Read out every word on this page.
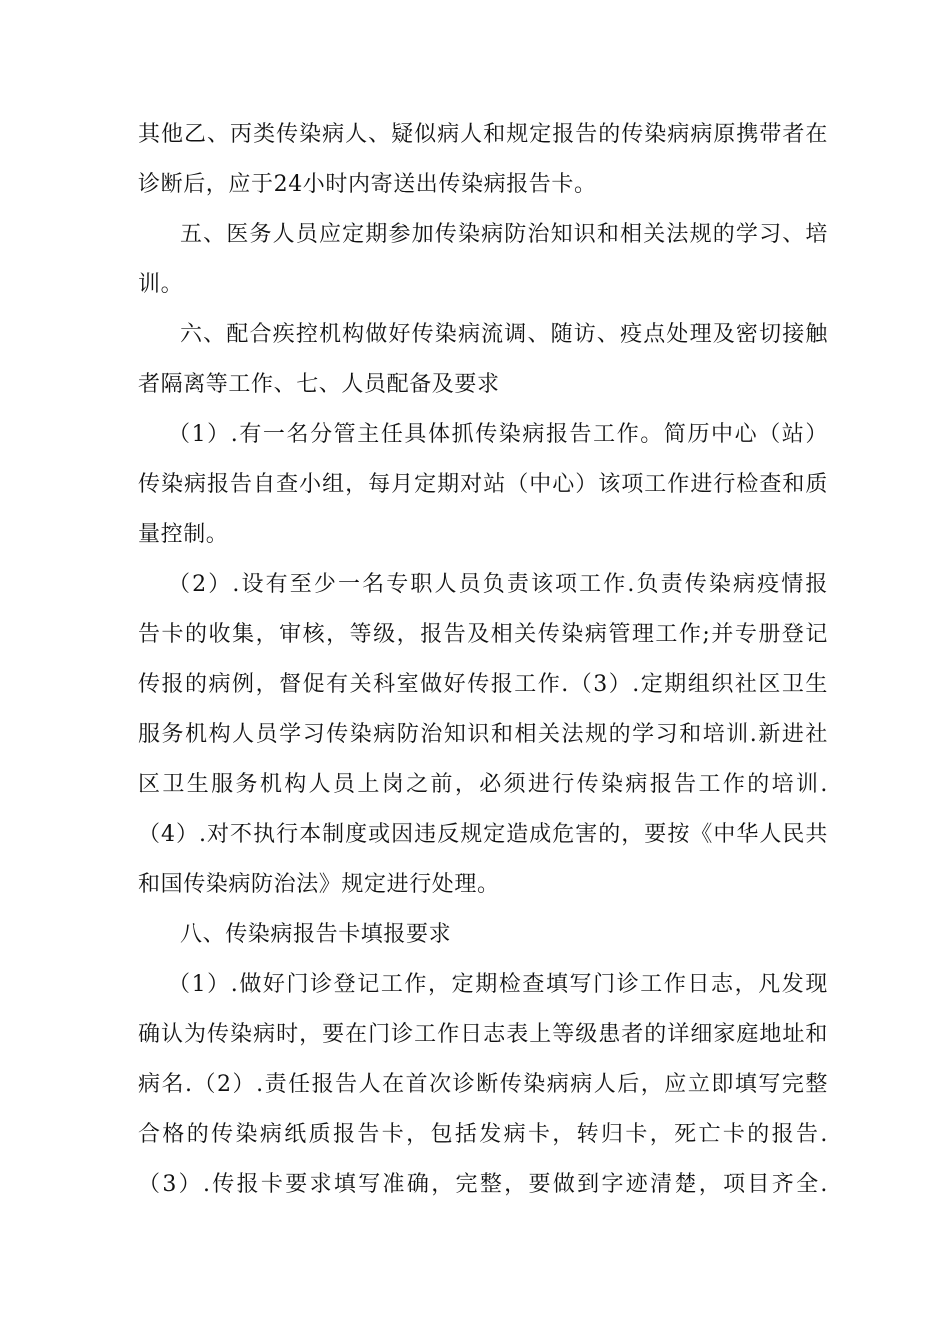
其他乙、丙类传染病人、疑似病人和规定报告的传染病病原携带者在
诊断后，应于24小时内寄送出传染病报告卡。
五、医务人员应定期参加传染病防治知识和相关法规的学习、培
训。
六、配合疾控机构做好传染病流调、随访、疫点处理及密切接触
者隔离等工作、七、人员配备及要求
（1）.有一名分管主任具体抓传染病报告工作。简历中心（站）
传染病报告自查小组，每月定期对站（中心）该项工作进行检查和质
量控制。
（2）.设有至少一名专职人员负责该项工作.负责传染病疫情报
告卡的收集，审核，等级，报告及相关传染病管理工作;并专册登记
传报的病例，督促有关科室做好传报工作.（3）.定期组织社区卫生
服务机构人员学习传染病防治知识和相关法规的学习和培训.新进社
区卫生服务机构人员上岗之前，必须进行传染病报告工作的培训.
（4）.对不执行本制度或因违反规定造成危害的，要按《中华人民共
和国传染病防治法》规定进行处理。
八、传染病报告卡填报要求
（1）.做好门诊登记工作，定期检查填写门诊工作日志，凡发现
确认为传染病时，要在门诊工作日志表上等级患者的详细家庭地址和
病名.（2）.责任报告人在首次诊断传染病病人后，应立即填写完整
合格的传染病纸质报告卡，包括发病卡，转归卡，死亡卡的报告.
（3）.传报卡要求填写准确，完整，要做到字迹清楚，项目齐全.
